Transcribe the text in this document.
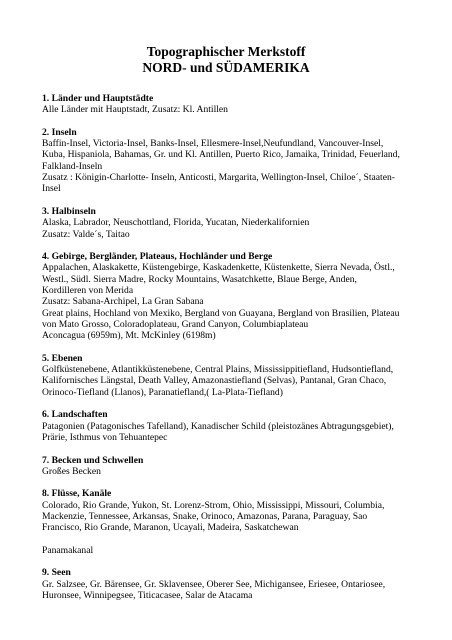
Topographischer Merkstoff
NORD- und SÜDAMERIKA
1. Länder und Hauptstädte
Alle Länder mit Hauptstadt, Zusatz: Kl. Antillen
2. Inseln
Baffin-Insel, Victoria-Insel, Banks-Insel, Ellesmere-Insel,Neufundland, Vancouver-Insel,
Kuba, Hispaniola, Bahamas, Gr. und Kl. Antillen, Puerto Rico, Jamaika, Trinidad, Feuerland,
Falkland-Inseln
Zusatz : Königin-Charlotte- Inseln, Anticosti, Margarita, Wellington-Insel, Chiloe´, Staaten-
Insel
3. Halbinseln
Alaska, Labrador, Neuschottland, Florida, Yucatan, Niederkalifornien
Zusatz: Valde´s, Taitao
4. Gebirge, Bergländer, Plateaus, Hochländer und Berge
Appalachen, Alaskakette, Küstengebirge, Kaskadenkette, Küstenkette, Sierra Nevada, Östl.,
Westl., Südl. Sierra Madre, Rocky Mountains, Wasatchkette, Blaue Berge, Anden,
Kordilleren von Merida
Zusatz: Sabana-Archipel, La Gran Sabana
Great plains, Hochland von Mexiko, Bergland von Guayana, Bergland von Brasilien, Plateau
von Mato Grosso, Coloradoplateau, Grand Canyon, Columbiaplateau
Aconcagua (6959m), Mt. McKinley (6198m)
5. Ebenen
Golfküstenebene, Atlantikküstenebene, Central Plains, Mississippitiefland, Hudsontiefland,
Kalifornisches Längstal, Death Valley, Amazonastiefland (Selvas), Pantanal, Gran Chaco,
Orinoco-Tiefland (Llanos), Paranatiefland,( La-Plata-Tiefland)
6. Landschaften
Patagonien (Patagonisches Tafelland), Kanadischer Schild (pleistozänes Abtragungsgebiet),
Prärie, Isthmus von Tehuantepec
7. Becken und Schwellen
Großes Becken
8. Flüsse, Kanäle
Colorado, Rio Grande, Yukon, St. Lorenz-Strom, Ohio, Mississippi, Missouri, Columbia,
Mackenzie, Tennessee, Arkansas, Snake, Orinoco, Amazonas, Parana, Paraguay, Sao
Francisco, Rio Grande, Maranon, Ucayali, Madeira, Saskatchewan

Panamakanal
9. Seen
Gr. Salzsee, Gr. Bärensee, Gr. Sklavensee, Oberer See, Michigansee, Eriesee, Ontariosee,
Huronsee, Winnipegsee, Titicacasee, Salar de Atacama
